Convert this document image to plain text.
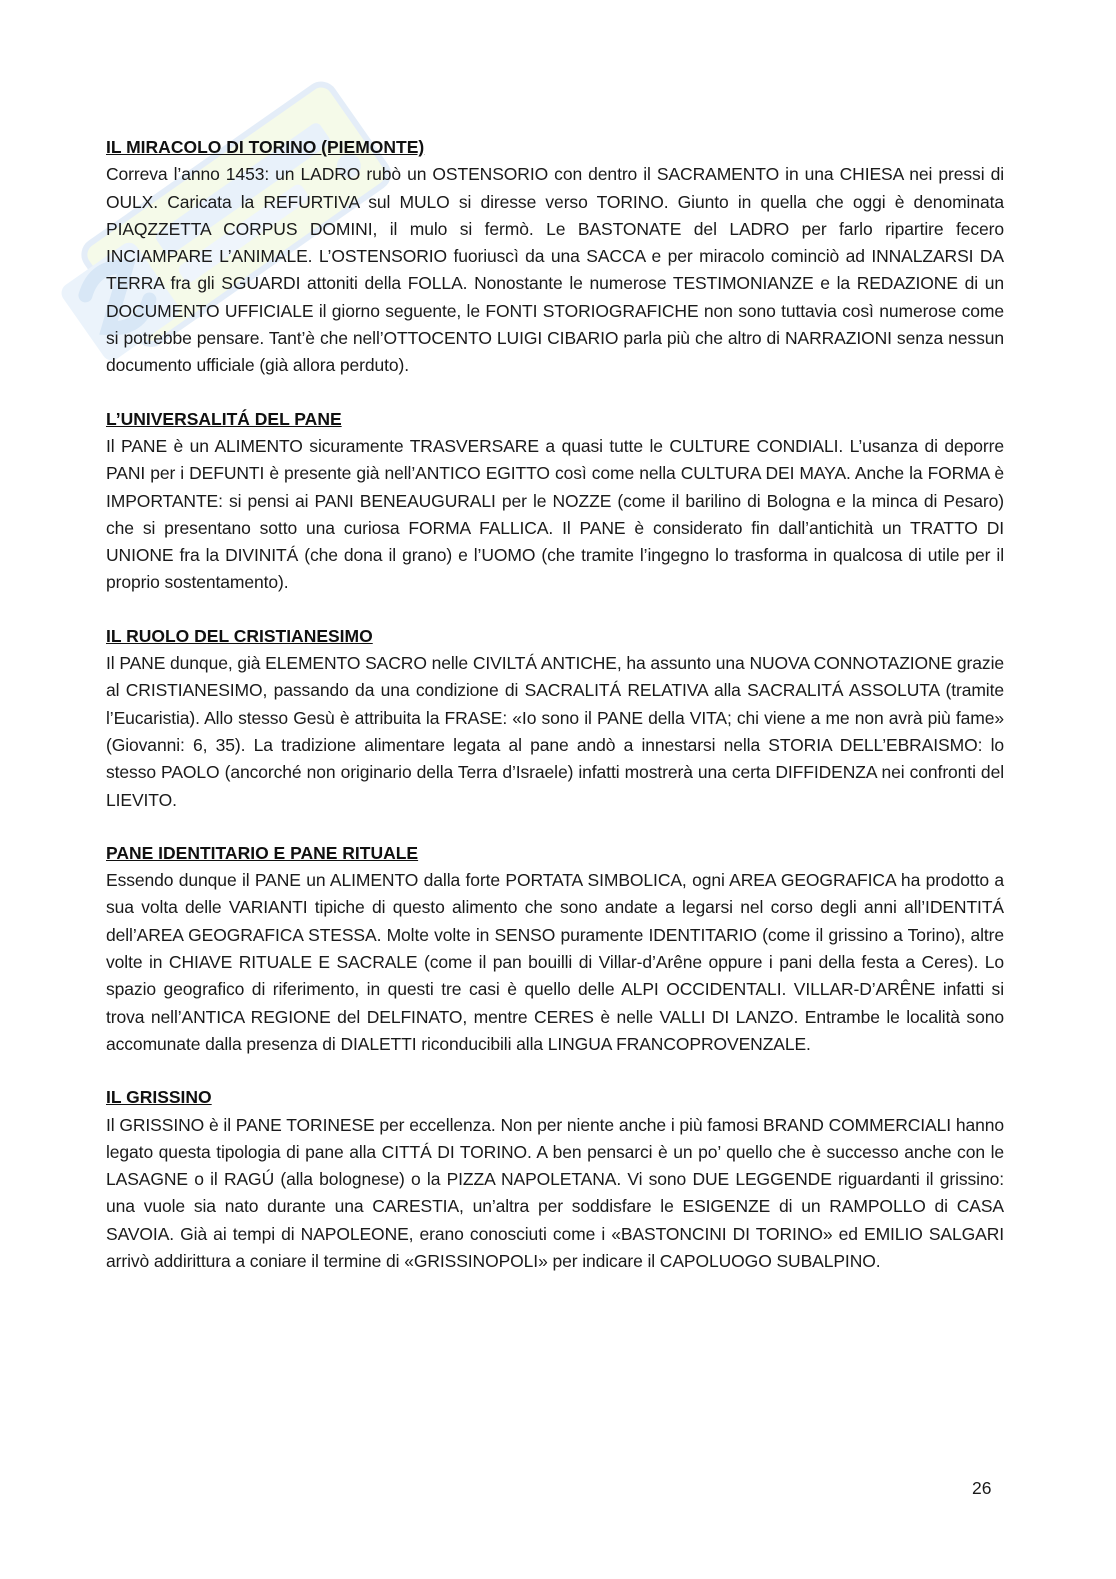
IL MIRACOLO DI TORINO (PIEMONTE)

Correva l’anno 1453: un LADRO rubò un OSTENSORIO con dentro il SACRAMENTO in una CHIESA nei pressi di OULX. Caricata la REFURTIVA sul MULO si diresse verso TORINO. Giunto in quella che oggi è denominata PIAQZZETTA CORPUS DOMINI, il mulo si fermò. Le BASTONATE del LADRO per farlo ripartire fecero INCIAMPARE L’ANIMALE. L’OSTENSORIO fuoriuscì da una SACCA e per miracolo cominciò ad INNALZARSI DA TERRA fra gli SGUARDI attoniti della FOLLA. Nonostante le numerose TESTIMONIANZE e la REDAZIONE di un DOCUMENTO UFFICIALE il giorno seguente, le FONTI STORIOGRAFICHE non sono tuttavia così numerose come si potrebbe pensare. Tant’è che nell’OTTOCENTO LUIGI CIBARIO parla più che altro di NARRAZIONI senza nessun documento ufficiale (già allora perduto).

L’UNIVERSALITÁ DEL PANE

Il PANE è un ALIMENTO sicuramente TRASVERSARE a quasi tutte le CULTURE CONDIALI. L’usanza di deporre PANI per i DEFUNTI è presente già nell’ANTICO EGITTO così come nella CULTURA DEI MAYA. Anche la FORMA è IMPORTANTE: si pensi ai PANI BENEAUGURALI per le NOZZE (come il barilino di Bologna e la minca di Pesaro) che si presentano sotto una curiosa FORMA FALLICA. Il PANE è considerato fin dall’antichità un TRATTO DI UNIONE fra la DIVINITÁ (che dona il grano) e l’UOMO (che tramite l’ingegno lo trasforma in qualcosa di utile per il proprio sostentamento).

IL RUOLO DEL CRISTIANESIMO

Il PANE dunque, già ELEMENTO SACRO nelle CIVILTÁ ANTICHE, ha assunto una NUOVA CONNOTAZIONE grazie al CRISTIANESIMO, passando da una condizione di SACRALITÁ RELATIVA alla SACRALITÁ ASSOLUTA (tramite l’Eucaristia). Allo stesso Gesù è attribuita la FRASE: «Io sono il PANE della VITA; chi viene a me non avrà più fame» (Giovanni: 6, 35). La tradizione alimentare legata al pane andò a innestarsi nella STORIA DELL’EBRAISMO: lo stesso PAOLO (ancorché non originario della Terra d’Israele) infatti mostrerà una certa DIFFIDENZA nei confronti del LIEVITO.

PANE IDENTITARIO E PANE RITUALE

Essendo dunque il PANE un ALIMENTO dalla forte PORTATA SIMBOLICA, ogni AREA GEOGRAFICA ha prodotto a sua volta delle VARIANTI tipiche di questo alimento che sono andate a legarsi nel corso degli anni all’IDENTITÁ dell’AREA GEOGRAFICA STESSA. Molte volte in SENSO puramente IDENTITARIO (come il grissino a Torino), altre volte in CHIAVE RITUALE E SACRALE (come il pan bouilli di Villar-d’Arêne oppure i pani della festa a Ceres). Lo spazio geografico di riferimento, in questi tre casi è quello delle ALPI OCCIDENTALI. VILLAR-D’ARÊNE infatti si trova nell’ANTICA REGIONE del DELFINATO, mentre CERES è nelle VALLI DI LANZO. Entrambe le località sono accomunate dalla presenza di DIALETTI riconducibili alla LINGUA FRANCOPROVENZALE.

IL GRISSINO

Il GRISSINO è il PANE TORINESE per eccellenza. Non per niente anche i più famosi BRAND COMMERCIALI hanno legato questa tipologia di pane alla CITTÁ DI TORINO. A ben pensarci è un po’ quello che è successo anche con le LASAGNE o il RAGÚ (alla bolognese) o la PIZZA NAPOLETANA. Vi sono DUE LEGGENDE riguardanti il grissino: una vuole sia nato durante una CARESTIA, un’altra per soddisfare le ESIGENZE di un RAMPOLLO di CASA SAVOIA. Già ai tempi di NAPOLEONE, erano conosciuti come i «BASTONCINI DI TORINO» ed EMILIO SALGARI arrivò addirittura a coniare il termine di «GRISSINOPOLI» per indicare il CAPOLUOGO SUBALPINO.

26
